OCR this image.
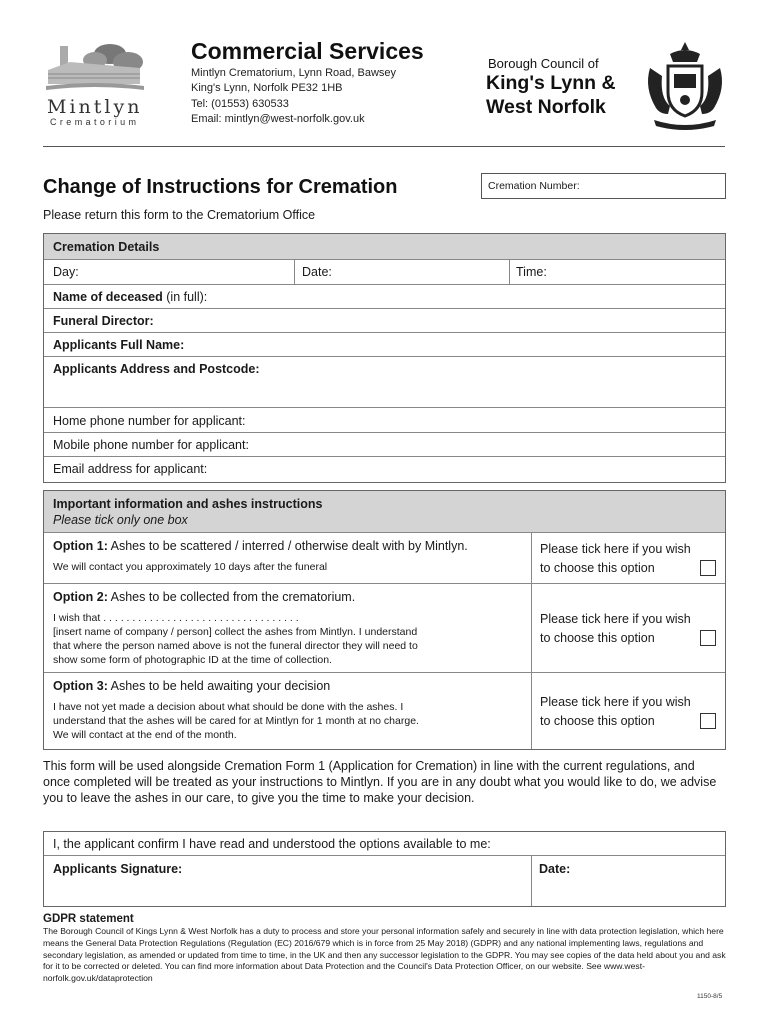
Mintlyn
Crematorium
Commercial Services
Mintlyn Crematorium, Lynn Road, Bawsey
King's Lynn, Norfolk PE32 1HB
Tel: (01553) 630533
Email: mintlyn@west-norfolk.gov.uk
Borough Council of
King's Lynn &
West Norfolk
Change of Instructions for Cremation	Cremation Number:
Please return this form to the Crematorium Office
Cremation Details
Day:	Date:	Time:
Name of deceased (in full):
Funeral Director:
Applicants Full Name:
Applicants Address and Postcode:
Home phone number for applicant:
Mobile phone number for applicant:
Email address for applicant:
Important information and ashes instructions
Please tick only one box
Option 1: Ashes to be scattered / interred / otherwise dealt with by Mintlyn.
We will contact you approximately 10 days after the funeral
Please tick here if you wish
to choose this option
Option 2: Ashes to be collected from the crematorium.
I wish that . . . . . . . . . . . . . . . . . . . . . . . . . . . . . . . . . .
[insert name of company / person] collect the ashes from Mintlyn. I understand
that where the person named above is not the funeral director they will need to
show some form of photographic ID at the time of collection.
Please tick here if you wish
to choose this option
Option 3: Ashes to be held awaiting your decision
I have not yet made a decision about what should be done with the ashes. I
understand that the ashes will be cared for at Mintlyn for 1 month at no charge.
We will contact at the end of the month.
Please tick here if you wish
to choose this option
This form will be used alongside Cremation Form 1 (Application for Cremation) in line with the current regulations, and once completed will be treated as your instructions to Mintlyn. If you are in any doubt what you would like to do, we advise you to leave the ashes in our care, to give you the time to make your decision.
I, the applicant confirm I have read and understood the options available to me:
Applicants Signature:	Date:
GDPR statement
The Borough Council of Kings Lynn & West Norfolk has a duty to process and store your personal information safely and securely in line with data protection legislation, which here means the General Data Protection Regulations (Regulation (EC) 2016/679 which is in force from 25 May 2018) (GDPR) and any national implementing laws, regulations and secondary legislation, as amended or updated from time to time, in the UK and then any successor legislation to the GDPR. You may see copies of the data held about you and ask for it to be corrected or deleted. You can find more information about Data Protection and the Council's Data Protection Officer, on our website. See www.west-norfolk.gov.uk/dataprotection
1150-8/5
